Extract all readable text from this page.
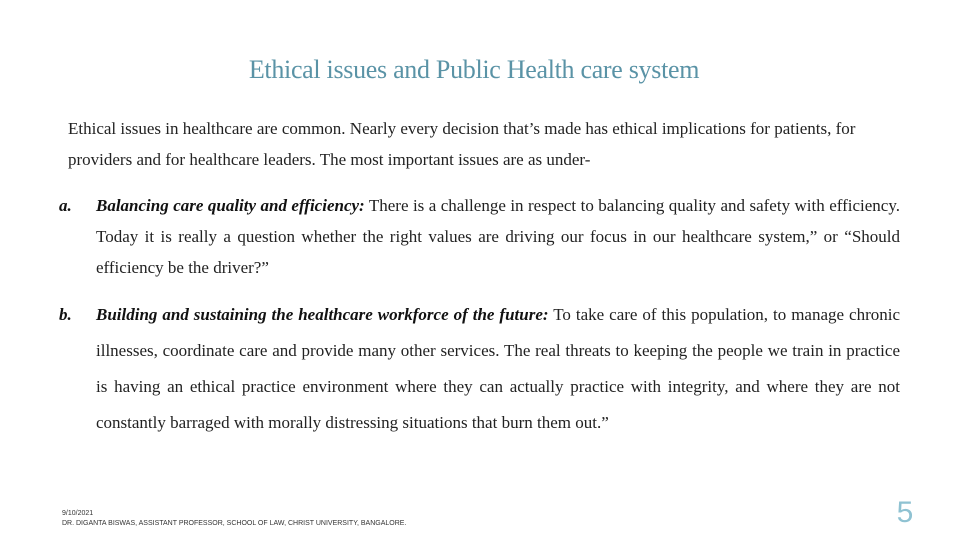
Ethical issues and Public Health care system
Ethical issues in healthcare are common. Nearly every decision that’s made has ethical implications for patients, for providers and for healthcare leaders. The most important issues are as under-
a. Balancing care quality and efficiency: There is a challenge in respect to balancing quality and safety with efficiency. Today it is really a question whether the right values are driving our focus in our healthcare system,” or “Should efficiency be the driver?”
b. Building and sustaining the healthcare workforce of the future: To take care of this population, to manage chronic illnesses, coordinate care and provide many other services. The real threats to keeping the people we train in practice is having an ethical practice environment where they can actually practice with integrity, and where they are not constantly barraged with morally distressing situations that burn them out.”
9/10/2021
DR. DIGANTA BISWAS, ASSISTANT PROFESSOR, SCHOOL OF LAW, CHRIST UNIVERSITY, BANGALORE.	5
